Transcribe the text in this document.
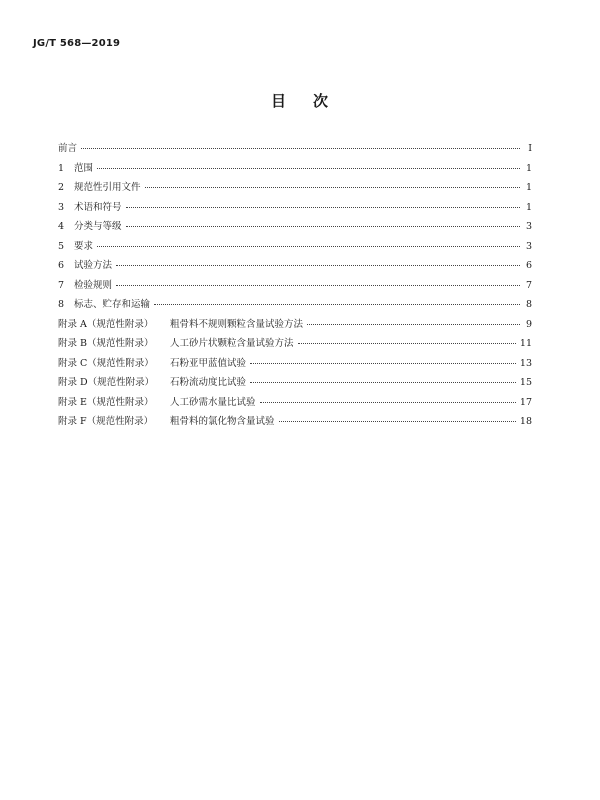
JG/T 568—2019
目 次
前言	Ⅰ
1	范围	1
2	规范性引用文件	1
3	术语和符号	1
4	分类与等级	3
5	要求	3
6	试验方法	6
7	检验规则	7
8	标志、贮存和运输	8
附录 A（规范性附录）	粗骨料不规则颗粒含量试验方法	9
附录 B（规范性附录）	人工砂片状颗粒含量试验方法	11
附录 C（规范性附录）	石粉亚甲蓝值试验	13
附录 D（规范性附录）	石粉流动度比试验	15
附录 E（规范性附录）	人工砂需水量比试验	17
附录 F（规范性附录）	粗骨料的氯化物含量试验	18
